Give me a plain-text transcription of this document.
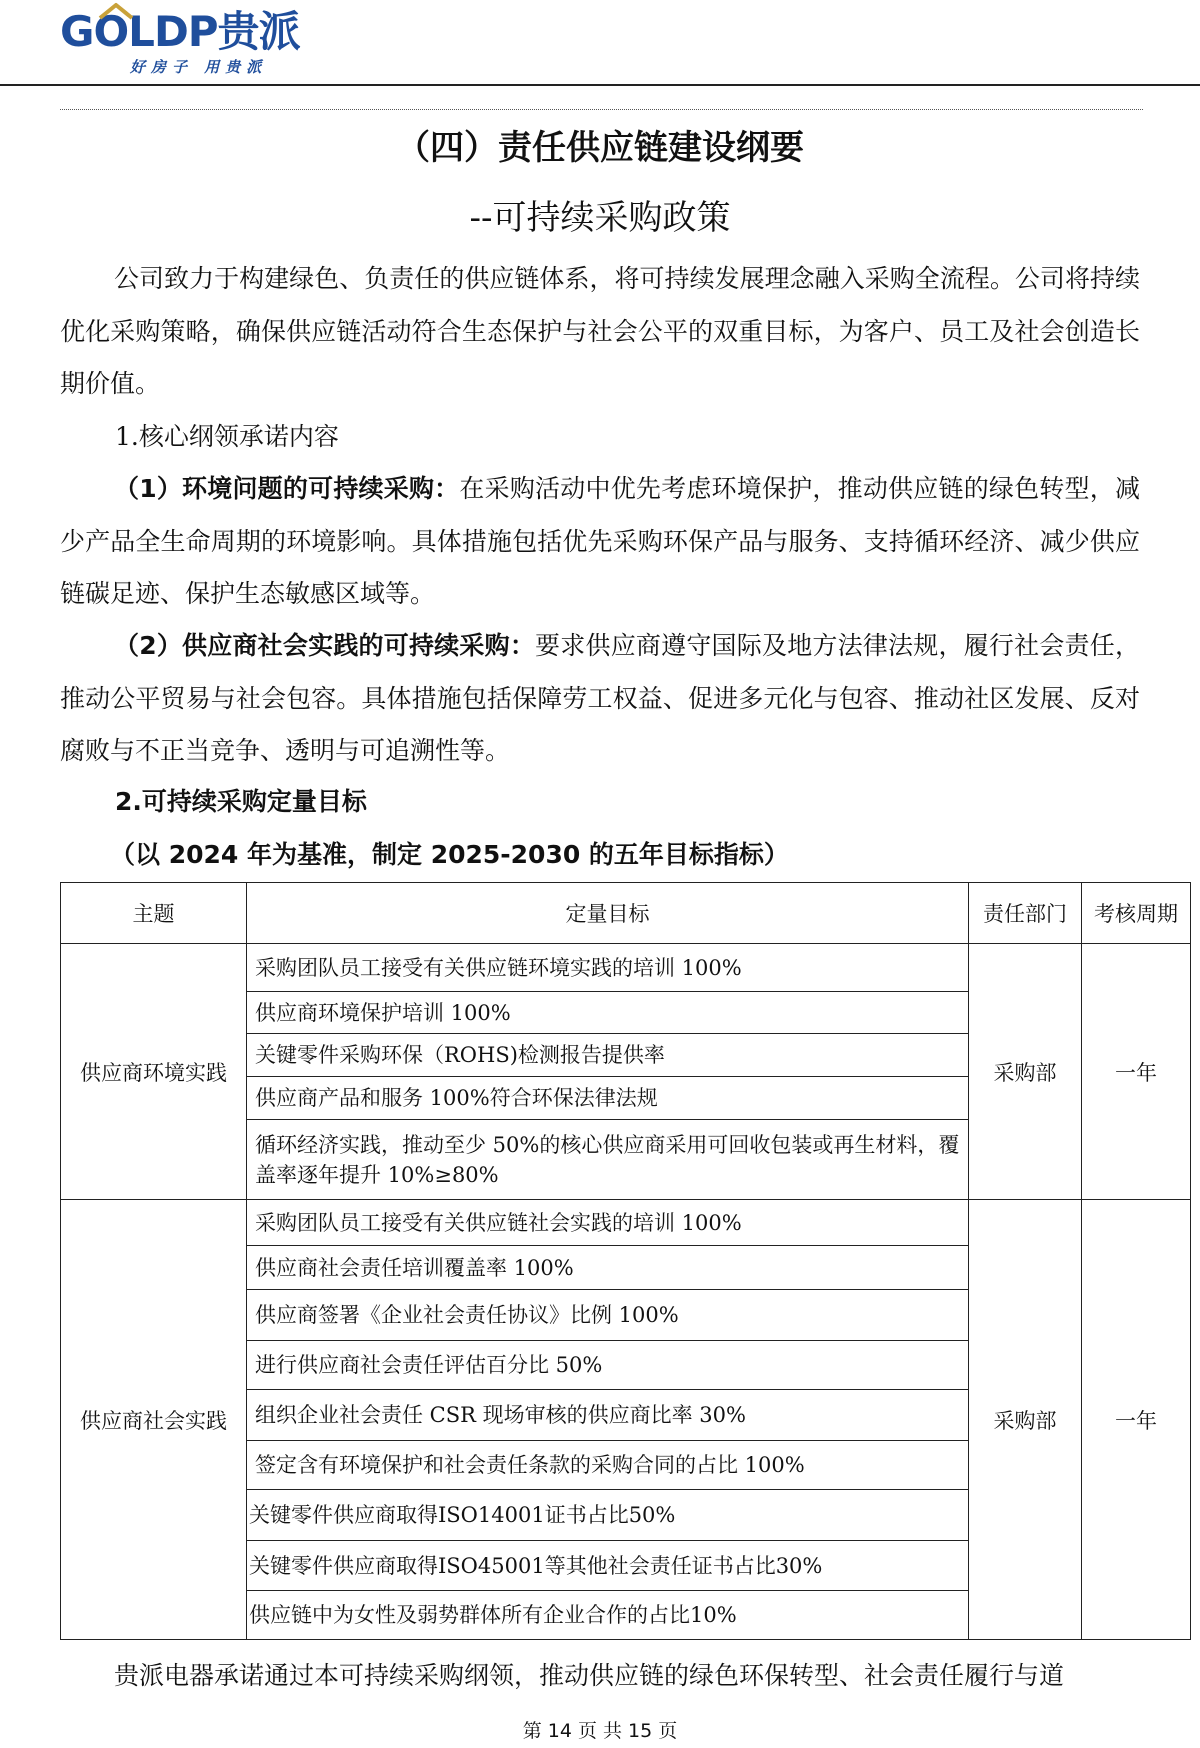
GOLDP贵派
好房子 用贵派
（四）责任供应链建设纲要
--可持续采购政策

公司致力于构建绿色、负责任的供应链体系，将可持续发展理念融入采购全流程。公司将持续优化采购策略，确保供应链活动符合生态保护与社会公平的双重目标，为客户、员工及社会创造长期价值。

1.核心纲领承诺内容

（1）环境问题的可持续采购：在采购活动中优先考虑环境保护，推动供应链的绿色转型，减少产品全生命周期的环境影响。具体措施包括优先采购环保产品与服务、支持循环经济、减少供应链碳足迹、保护生态敏感区域等。

（2）供应商社会实践的可持续采购：要求供应商遵守国际及地方法律法规，履行社会责任，推动公平贸易与社会包容。具体措施包括保障劳工权益、促进多元化与包容、推动社区发展、反对腐败与不正当竞争、透明与可追溯性等。

2.可持续采购定量目标

（以 2024 年为基准，制定 2025-2030 的五年目标指标）

主题	定量目标	责任部门	考核周期
供应商环境实践	采购团队员工接受有关供应链环境实践的培训 100%	采购部	一年
	供应商环境保护培训 100%		
	关键零件采购环保（ROHS)检测报告提供率		
	供应商产品和服务 100%符合环保法律法规		
	循环经济实践，推动至少 50%的核心供应商采用可回收包装或再生材料，覆盖率逐年提升 10%≥80%		
供应商社会实践	采购团队员工接受有关供应链社会实践的培训 100%	采购部	一年
	供应商社会责任培训覆盖率 100%		
	供应商签署《企业社会责任协议》比例 100%		
	进行供应商社会责任评估百分比 50%		
	组织企业社会责任 CSR 现场审核的供应商比率 30%		
	签定含有环境保护和社会责任条款的采购合同的占比 100%		
	关键零件供应商取得ISO14001证书占比50%		
	关键零件供应商取得ISO45001等其他社会责任证书占比30%		
	供应链中为女性及弱势群体所有企业合作的占比10%		

贵派电器承诺通过本可持续采购纲领，推动供应链的绿色环保转型、社会责任履行与道

第 14 页 共 15 页
